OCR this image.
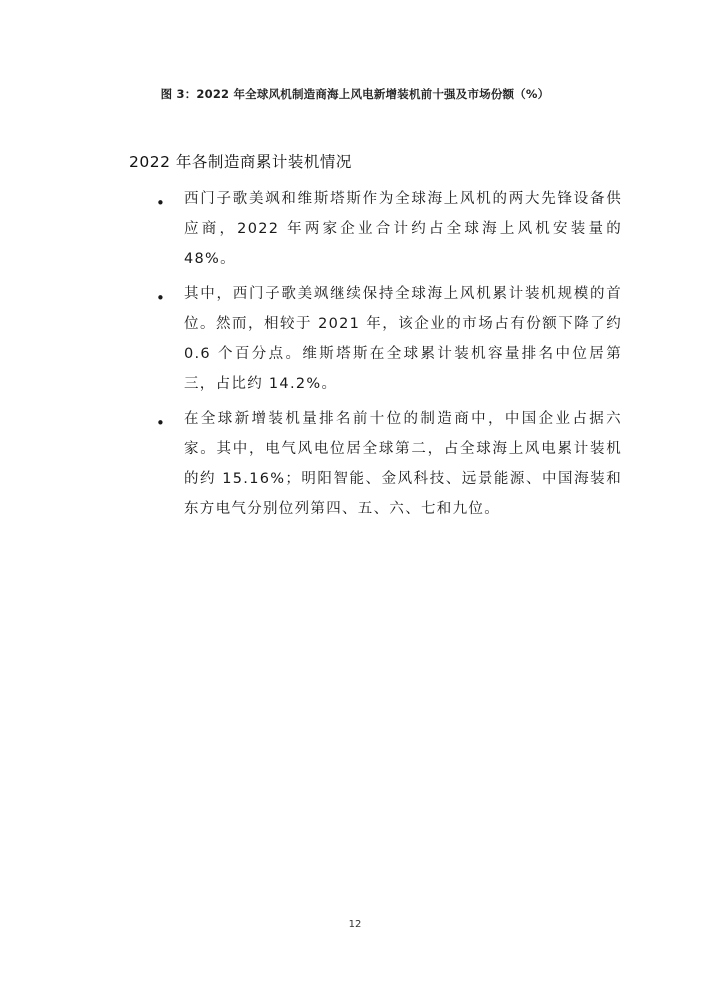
图 3：2022 年全球风机制造商海上风电新增装机前十强及市场份额（%）
2022 年各制造商累计装机情况
• 西门子歌美飒和维斯塔斯作为全球海上风机的两大先锋设备供应商，2022 年两家企业合计约占全球海上风机安装量的 48%。
• 其中，西门子歌美飒继续保持全球海上风机累计装机规模的首位。然而，相较于 2021 年，该企业的市场占有份额下降了约 0.6 个百分点。维斯塔斯在全球累计装机容量排名中位居第三，占比约 14.2%。
• 在全球新增装机量排名前十位的制造商中，中国企业占据六家。其中，电气风电位居全球第二，占全球海上风电累计装机的约 15.16%；明阳智能、金风科技、远景能源、中国海装和东方电气分别位列第四、五、六、七和九位。
12
